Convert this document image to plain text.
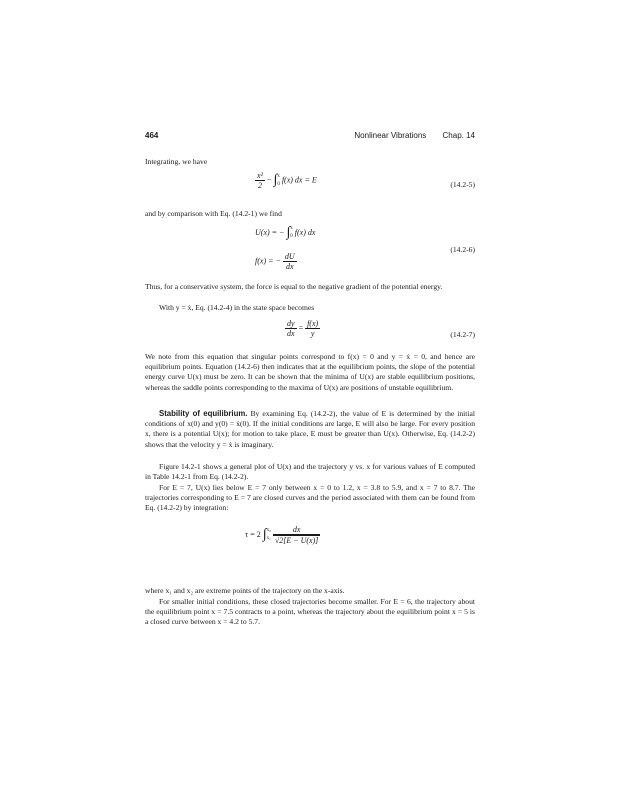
464	Nonlinear Vibrations Chap. 14
Integrating, we have
$\frac{\text{x²}}{2}$ − ∫ x
0 f(x) dx = E
(14.2-5)
and by comparison with Eq. (14.2-1) we find
U(x) = − ∫ x
0 f(x) dx
f(x) = − $\frac{dU}{dx}$
(14.2-6)
Thus, for a conservative system, the force is equal to the negative gradient of the potential energy.
With y = ẋ, Eq. (14.2-4) in the state space becomes
$\frac{dy}{dx} = \frac{f(x)}{y}$	(14.2-7)
We note from this equation that singular points correspond to f(x) = 0 and y = ẋ = 0, and hence are equilibrium points. Equation (14.2-6) then indicates that at the equilibrium points, the slope of the potential energy curve U(x) must be zero. It can be shown that the minima of U(x) are stable equilibrium positions, whereas the saddle points corresponding to the maxima of U(x) are positions of unstable equilibrium.
Stability of equilibrium. By examining Eq. (14.2-2), the value of E is determined by the initial conditions of x(0) and y(0) = ẋ(0). If the initial conditions are large, E will also be large. For every position x, there is a potential U(x); for motion to take place, E must be greater than U(x). Otherwise, Eq. (14.2-2) shows that the velocity y = ẋ is imaginary.
Figure 14.2-1 shows a general plot of U(x) and the trajectory y vs. x for various values of E computed in Table 14.2-1 from Eq. (14.2-2).
For E = 7, U(x) lies below E = 7 only between x = 0 to 1.2, x = 3.8 to 5.9, and x = 7 to 8.7. The trajectories corresponding to E = 7 are closed curves and the period associated with them can be found from Eq. (14.2-2) by integration:
τ = 2 ∫ x₂
x₁
$\frac{dx}{√2[E - U(x)]}$
where x₁ and x₂ are extreme points of the trajectory on the x-axis.
For smaller initial conditions, these closed trajectories become smaller. For E = 6, the trajectory about the equilibrium point x = 7.5 contracts to a point, whereas the trajectory about the equilibrium point x = 5 is a closed curve between x = 4.2 to 5.7.
